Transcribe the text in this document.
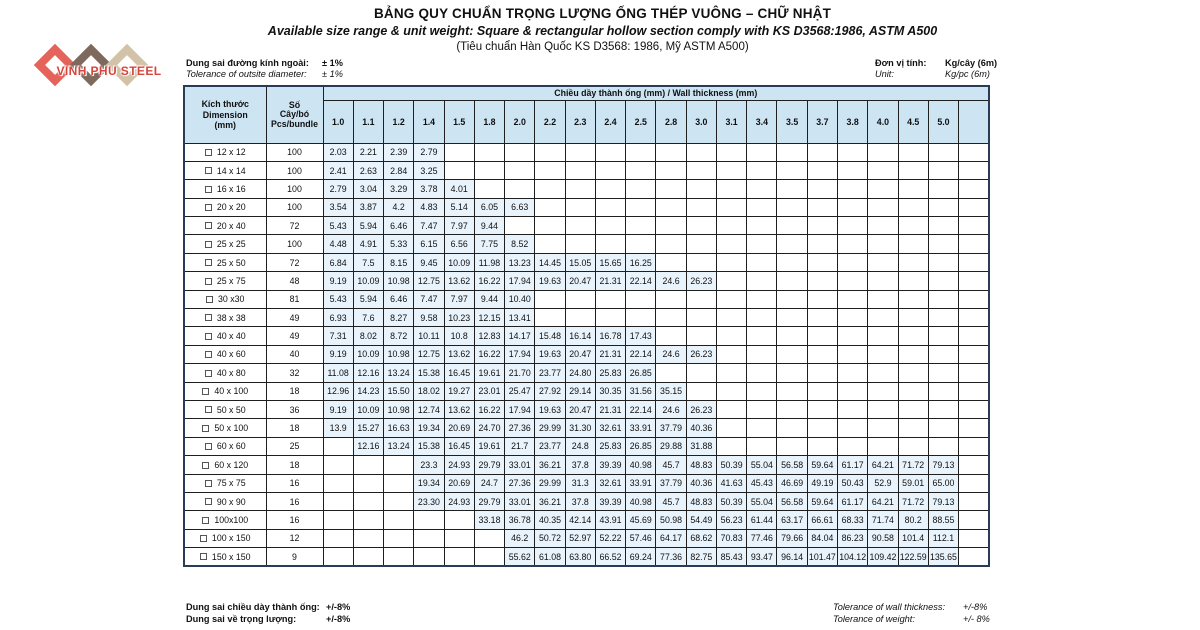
VINH PHU STEEL
BẢNG QUY CHUẨN TRỌNG LƯỢNG ỐNG THÉP VUÔNG – CHỮ NHẬT
Available size range & unit weight: Square & rectangular hollow section comply with KS D3568:1986, ASTM A500
(Tiêu chuẩn Hàn Quốc KS D3568: 1986, Mỹ ASTM A500)
Dung sai đường kính ngoài:	± 1%
Tolerance of outsite diameter:	± 1%
Đơn vị tính:	Kg/cây (6m)
Unit:	Kg/pc (6m)
Kích thước
Dimension
(mm)

Số
Cây/bó
Pcs/bundle
	Chiều dầy thành ống (mm) / Wall thickness (mm)
		1.0	1.1	1.2	1.4	1.5	1.8	2.0	2.2	2.3	2.4	2.5	2.8	3.0	3.1	3.4	3.5	3.7	3.8	4.0	4.5	5.0	
12 x 12	100	2.03	2.21	2.39	2.79																		
14 x 14	100	2.41	2.63	2.84	3.25																		
16 x 16	100	2.79	3.04	3.29	3.78	4.01																	
20 x 20	100	3.54	3.87	4.2	4.83	5.14	6.05	6.63															
20 x 40	72	5.43	5.94	6.46	7.47	7.97	9.44																
25 x 25	100	4.48	4.91	5.33	6.15	6.56	7.75	8.52															
25 x 50	72	6.84	7.5	8.15	9.45	10.09	11.98	13.23	14.45	15.05	15.65	16.25											
25 x 75	48	9.19	10.09	10.98	12.75	13.62	16.22	17.94	19.63	20.47	21.31	22.14	24.6	26.23									
30 x30	81	5.43	5.94	6.46	7.47	7.97	9.44	10.40															
38 x 38	49	6.93	7.6	8.27	9.58	10.23	12.15	13.41															
40 x 40	49	7.31	8.02	8.72	10.11	10.8	12.83	14.17	15.48	16.14	16.78	17.43											
40 x 60	40	9.19	10.09	10.98	12.75	13.62	16.22	17.94	19.63	20.47	21.31	22.14	24.6	26.23									
40 x 80	32	11.08	12.16	13.24	15.38	16.45	19.61	21.70	23.77	24.80	25.83	26.85											
40 x 100	18	12.96	14.23	15.50	18.02	19.27	23.01	25.47	27.92	29.14	30.35	31.56	35.15										
50 x 50	36	9.19	10.09	10.98	12.74	13.62	16.22	17.94	19.63	20.47	21.31	22.14	24.6	26.23									
50 x 100	18	13.9	15.27	16.63	19.34	20.69	24.70	27.36	29.99	31.30	32.61	33.91	37.79	40.36									
60 x 60	25		12.16	13.24	15.38	16.45	19.61	21.7	23.77	24.8	25.83	26.85	29.88	31.88									
60 x 120	18				23.3	24.93	29.79	33.01	36.21	37.8	39.39	40.98	45.7	48.83	50.39	55.04	56.58	59.64	61.17	64.21	71.72	79.13	
75 x 75	16				19.34	20.69	24.7	27.36	29.99	31.3	32.61	33.91	37.79	40.36	41.63	45.43	46.69	49.19	50.43	52.9	59.01	65.00	
90 x 90	16				23.30	24.93	29.79	33.01	36.21	37.8	39.39	40.98	45.7	48.83	50.39	55.04	56.58	59.64	61.17	64.21	71.72	79.13	
100x100	16						33.18	36.78	40.35	42.14	43.91	45.69	50.98	54.49	56.23	61.44	63.17	66.61	68.33	71.74	80.2	88.55	
100 x 150	12							46.2	50.72	52.97	52.22	57.46	64.17	68.62	70.83	77.46	79.66	84.04	86.23	90.58	101.4	112.1	
150 x 150	9							55.62	61.08	63.80	66.52	69.24	77.36	82.75	85.43	93.47	96.14	101.47	104.12	109.42	122.59	135.65	
Dung sai chiều dày thành ống: +/-8%
Dung sai về trọng lượng:	+/-8%
Tolerance of wall thickness:	+/-8%
Tolerance of weight:	+/- 8%
